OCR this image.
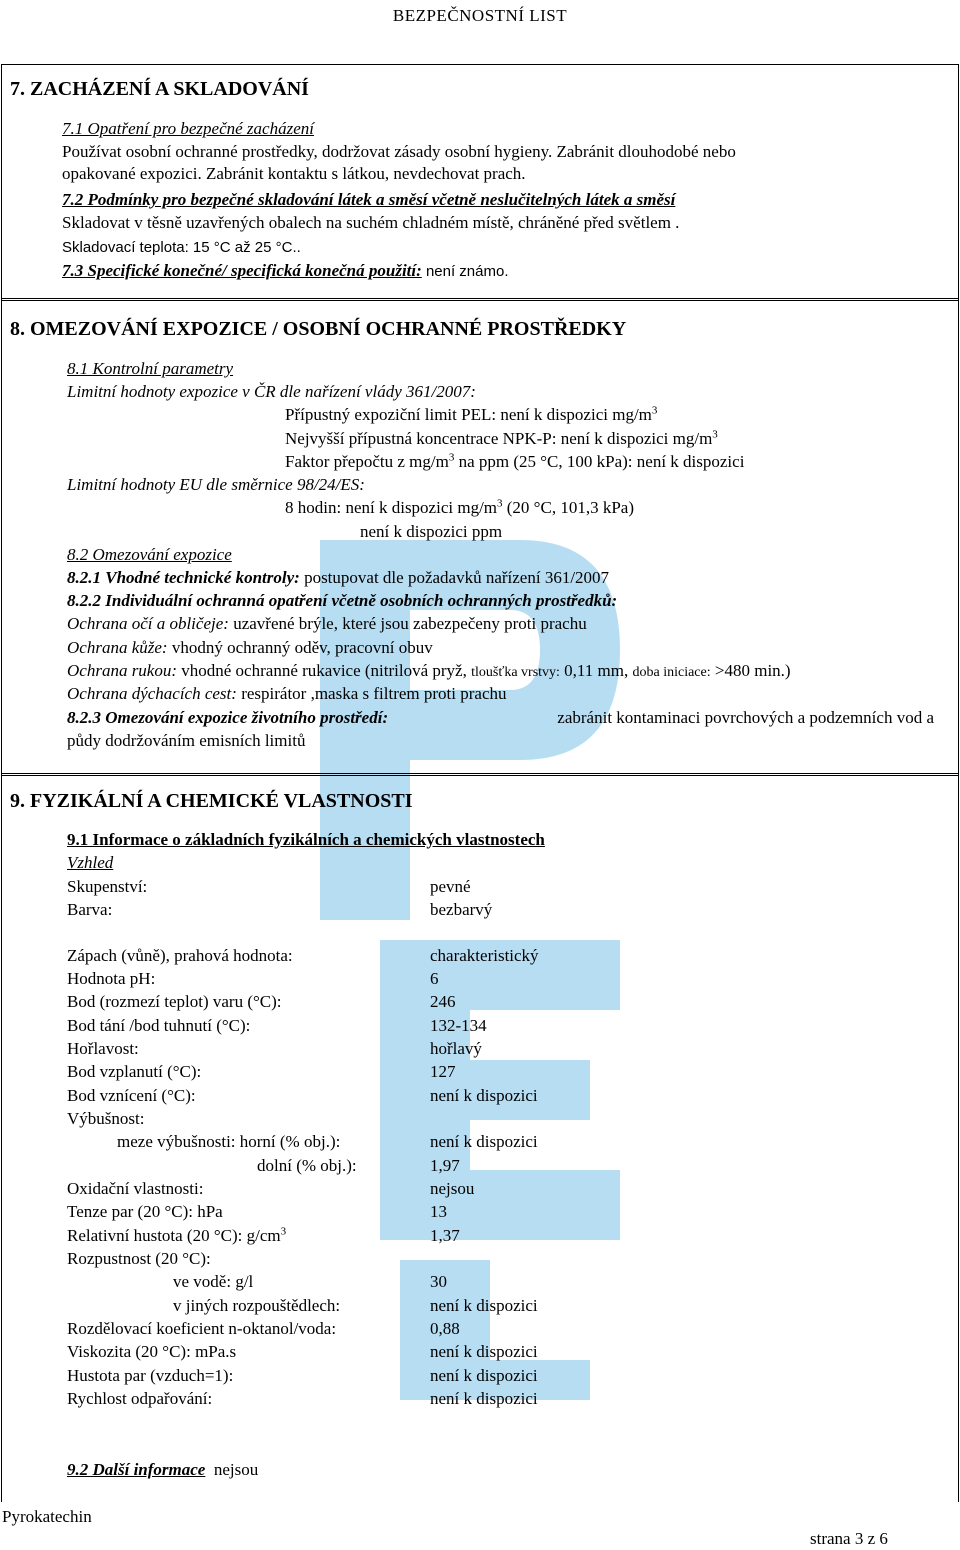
BEZPEČNOSTNÍ LIST
7. ZACHÁZENÍ A SKLADOVÁNÍ
7.1 Opatření pro bezpečné zacházení
Používat osobní ochranné prostředky, dodržovat zásady osobní hygieny. Zabránit dlouhodobé nebo
opakované expozici. Zabránit kontaktu s látkou, nevdechovat prach.
7.2 Podmínky pro bezpečné skladování látek a směsí včetně neslučitelných látek a směsí
Skladovat v těsně uzavřených obalech na suchém chladném místě, chráněné před světlem .
Skladovací teplota: 15 °C až 25 °C..
7.3 Specifické konečné/ specifická konečná použití: není známo.
8. OMEZOVÁNÍ EXPOZICE / OSOBNÍ OCHRANNÉ PROSTŘEDKY
8.1 Kontrolní parametry
Limitní hodnoty expozice v ČR dle nařízení vlády 361/2007:
Přípustný expoziční limit PEL: není k dispozici $mg/m^3$
Nejvyšší přípustná koncentrace NPK-P: není k dispozici $mg/m^3$
Faktor přepočtu z $mg/m^3$ na ppm (25 °C, 100 kPa): není k dispozici
Limitní hodnoty EU dle směrnice 98/24/ES:
8 hodin: není k dispozici $mg/m^3$ (20 °C, 101,3 kPa)
není k dispozici ppm
8.2 Omezování expozice
8.2.1 Vhodné technické kontroly: postupovat dle požadavků nařízení 361/2007
8.2.2 Individuální ochranná opatření včetně osobních ochranných prostředků:
Ochrana očí a obličeje: uzavřené brýle, které jsou zabezpečeny proti prachu
Ochrana kůže: vhodný ochranný oděv, pracovní obuv
Ochrana rukou: vhodné ochranné rukavice (nitrilová pryž, tloušťka vrstvy: 0,11 mm, doba iniciace: >480 min.)
Ochrana dýchacích cest: respirátor ,maska s filtrem proti prachu
8.2.3 Omezování expozice životního prostředí:	zabránit kontaminaci povrchových a podzemních vod a
půdy dodržováním emisních limitů
9. FYZIKÁLNÍ A CHEMICKÉ VLASTNOSTI
9.1 Informace o základních fyzikálních a chemických vlastnostech
Vzhled
Skupenství:	pevné
Barva:	bezbarvý
Zápach (vůně), prahová hodnota:	charakteristický
Hodnota pH:	6
Bod (rozmezí teplot) varu (°C):	246
Bod tání /bod tuhnutí (°C):	132-134
Hořlavost:	hořlavý
Bod vzplanutí (°C):	127
Bod vznícení (°C):	není k dispozici
Výbušnost:
meze výbušnosti: horní (% obj.):	není k dispozici
dolní (% obj.):	1,97
Oxidační vlastnosti:	nejsou
Tenze par (20 °C): hPa	13
Relativní hustota (20 °C): $g/cm^3$	1,37
Rozpustnost (20 °C):
ve vodě: g/l	30
v jiných rozpouštědlech:	není k dispozici
Rozdělovací koeficient n-oktanol/voda:	0,88
Viskozita (20 °C): mPa.s	není k dispozici
Hustota par (vzduch=1):	není k dispozici
Rychlost odpařování:	není k dispozici
9.2 Další informace nejsou
Pyrokatechin
strana 3 z 6
